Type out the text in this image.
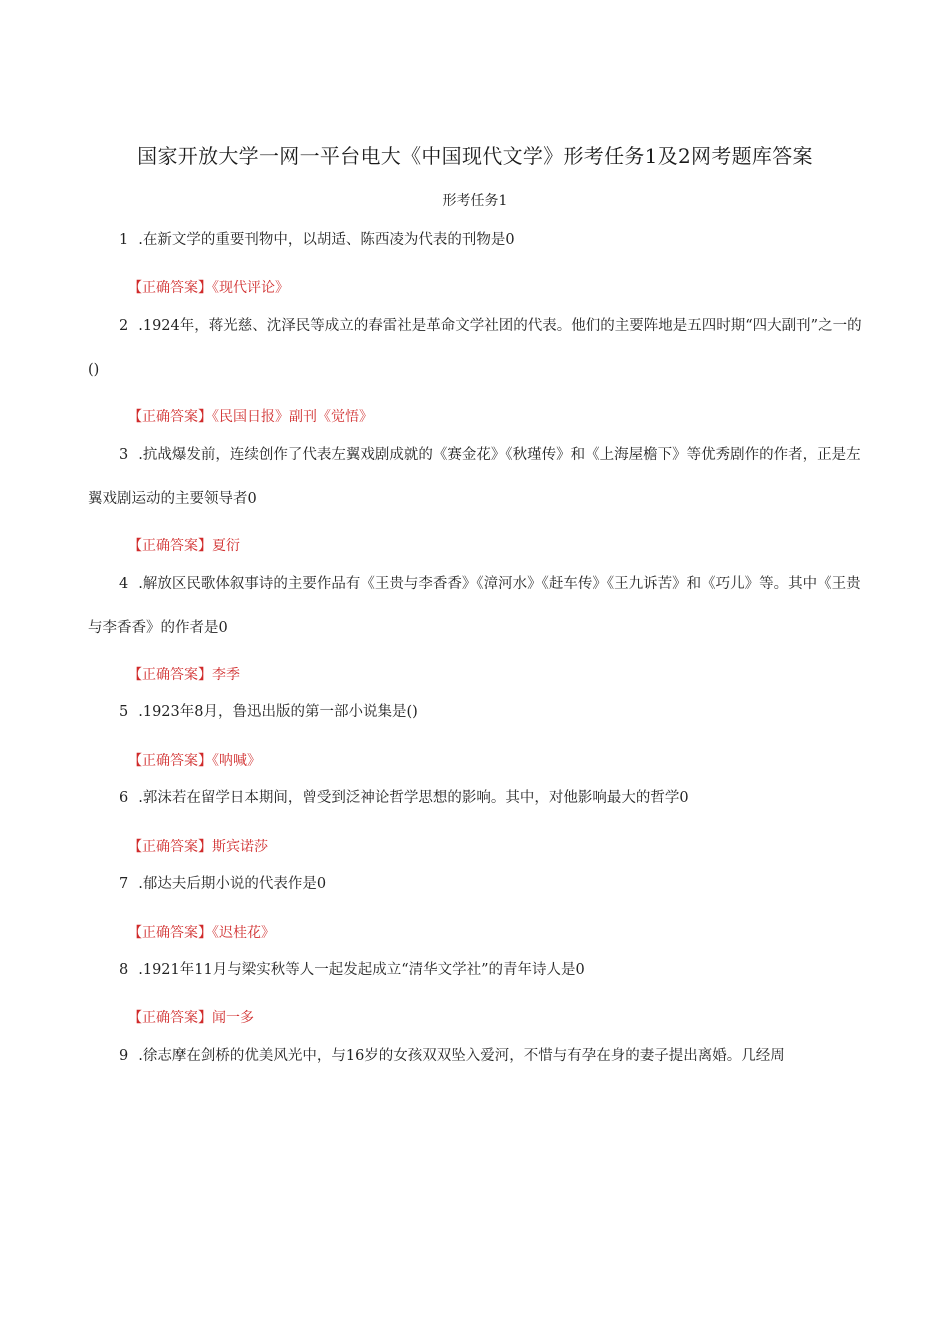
国家开放大学一网一平台电大《中国现代文学》形考任务1及2网考题库答案
形考任务1

1 .在新文学的重要刊物中，以胡适、陈西凌为代表的刊物是0

【正确答案】《现代评论》

2 .1924年，蒋光慈、沈泽民等成立的春雷社是革命文学社团的代表。他们的主要阵地是五四时期“四大副刊”之一的()

【正确答案】《民国日报》副刊《觉悟》

3 .抗战爆发前，连续创作了代表左翼戏剧成就的《赛金花》《秋瑾传》和《上海屋檐下》等优秀剧作的作者，正是左翼戏剧运动的主要领导者0

【正确答案】夏衍

4 .解放区民歌体叙事诗的主要作品有《王贵与李香香》《漳河水》《赶车传》《王九诉苦》和《巧儿》等。其中《王贵与李香香》的作者是0

【正确答案】李季

5 .1923年8月，鲁迅出版的第一部小说集是()

【正确答案】《呐喊》

6 .郭沫若在留学日本期间，曾受到泛神论哲学思想的影响。其中，对他影响最大的哲学0

【正确答案】斯宾诺莎

7 .郁达夫后期小说的代表作是0

【正确答案】《迟桂花》

8 .1921年11月与梁实秋等人一起发起成立“清华文学社”的青年诗人是0

【正确答案】闻一多

9 .徐志摩在剑桥的优美风光中，与16岁的女孩双双坠入爱河，不惜与有孕在身的妻子提出离婚。几经周
